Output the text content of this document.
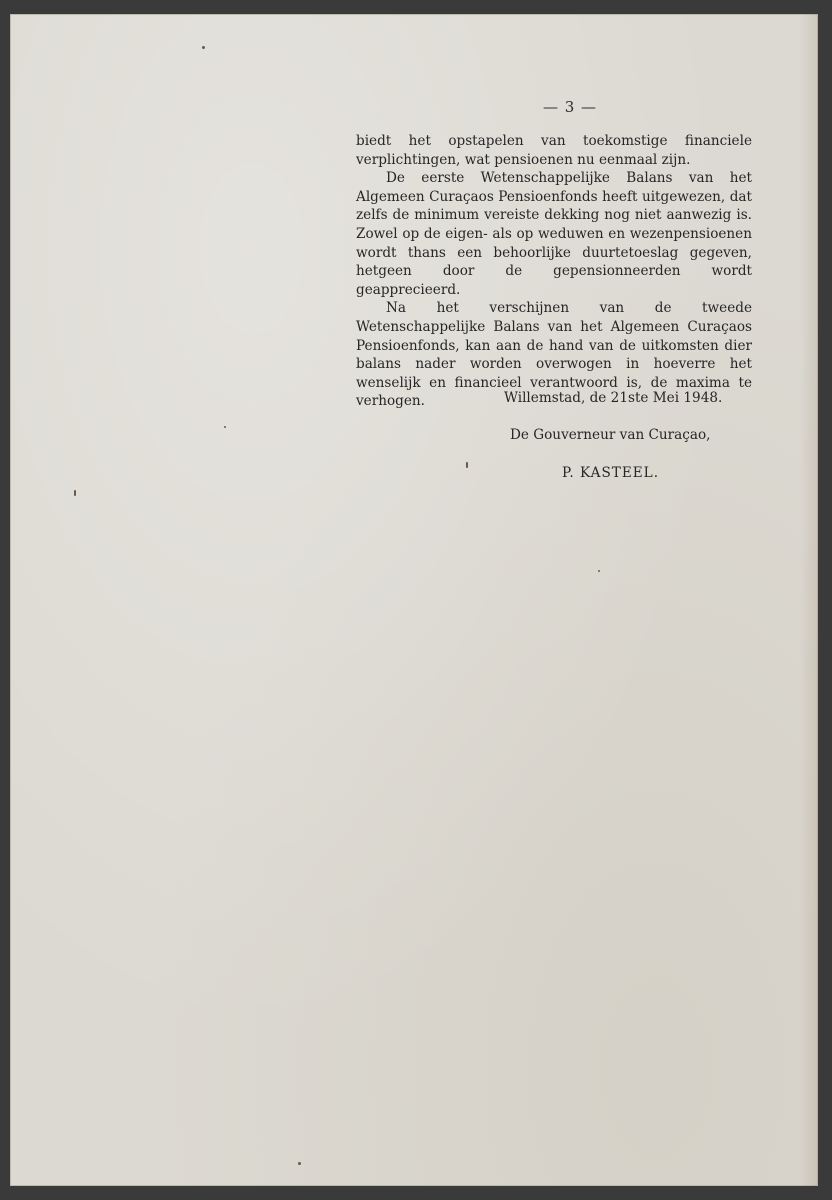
— 3 —

biedt het opstapelen van toekomstige financiele verplichtingen, wat pensioenen nu eenmaal zijn.

De eerste Wetenschappelijke Balans van het Algemeen Curaçaos Pensioenfonds heeft uitgewezen, dat zelfs de minimum vereiste dekking nog niet aanwezig is. Zowel op de eigen- als op weduwen en wezenpensioenen wordt thans een behoorlijke duurtetoeslag gegeven, hetgeen door de gepensionneerden wordt geapprecieerd.

Na het verschijnen van de tweede Wetenschappelijke Balans van het Algemeen Curaçaos Pensioenfonds, kan aan de hand van de uitkomsten dier balans nader worden overwogen in hoeverre het wenselijk en financieel verantwoord is, de maxima te verhogen.	Willemstad, de 21ste Mei 1948.
De Gouverneur van Curaçao,
P. KASTEEL.
